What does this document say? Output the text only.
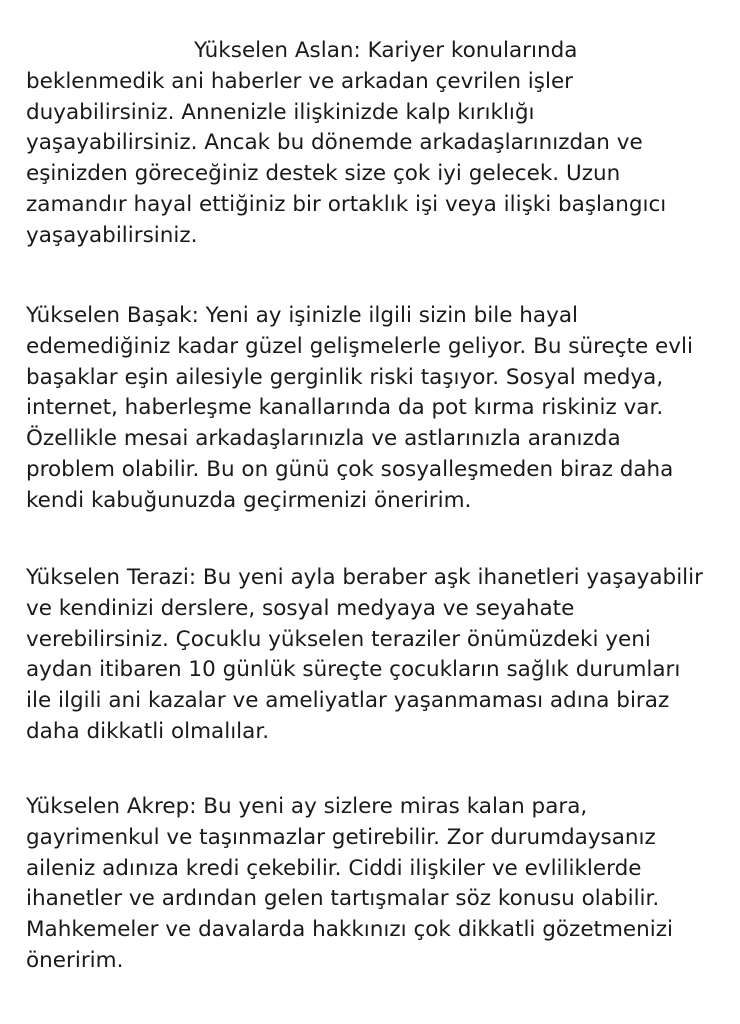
Yükselen Aslan: Kariyer konularında
beklenmedik ani haberler ve arkadan çevrilen işler
duyabilirsiniz. Annenizle ilişkinizde kalp kırıklığı
yaşayabilirsiniz. Ancak bu dönemde arkadaşlarınızdan ve
eşinizden göreceğiniz destek size çok iyi gelecek. Uzun
zamandır hayal ettiğiniz bir ortaklık işi veya ilişki başlangıcı
yaşayabilirsiniz.

Yükselen Başak: Yeni ay işinizle ilgili sizin bile hayal
edemediğiniz kadar güzel gelişmelerle geliyor. Bu süreçte evli
başaklar eşin ailesiyle gerginlik riski taşıyor. Sosyal medya,
internet, haberleşme kanallarında da pot kırma riskiniz var.
Özellikle mesai arkadaşlarınızla ve astlarınızla aranızda
problem olabilir. Bu on günü çok sosyalleşmeden biraz daha
kendi kabuğunuzda geçirmenizi öneririm.

Yükselen Terazi: Bu yeni ayla beraber aşk ihanetleri yaşayabilir
ve kendinizi derslere, sosyal medyaya ve seyahate
verebilirsiniz. Çocuklu yükselen teraziler önümüzdeki yeni
aydan itibaren 10 günlük süreçte çocukların sağlık durumları
ile ilgili ani kazalar ve ameliyatlar yaşanmaması adına biraz
daha dikkatli olmalılar.

Yükselen Akrep: Bu yeni ay sizlere miras kalan para,
gayrimenkul ve taşınmazlar getirebilir. Zor durumdaysanız
aileniz adınıza kredi çekebilir. Ciddi ilişkiler ve evliliklerde
ihanetler ve ardından gelen tartışmalar söz konusu olabilir.
Mahkemeler ve davalarda hakkınızı çok dikkatli gözetmenizi
öneririm.
